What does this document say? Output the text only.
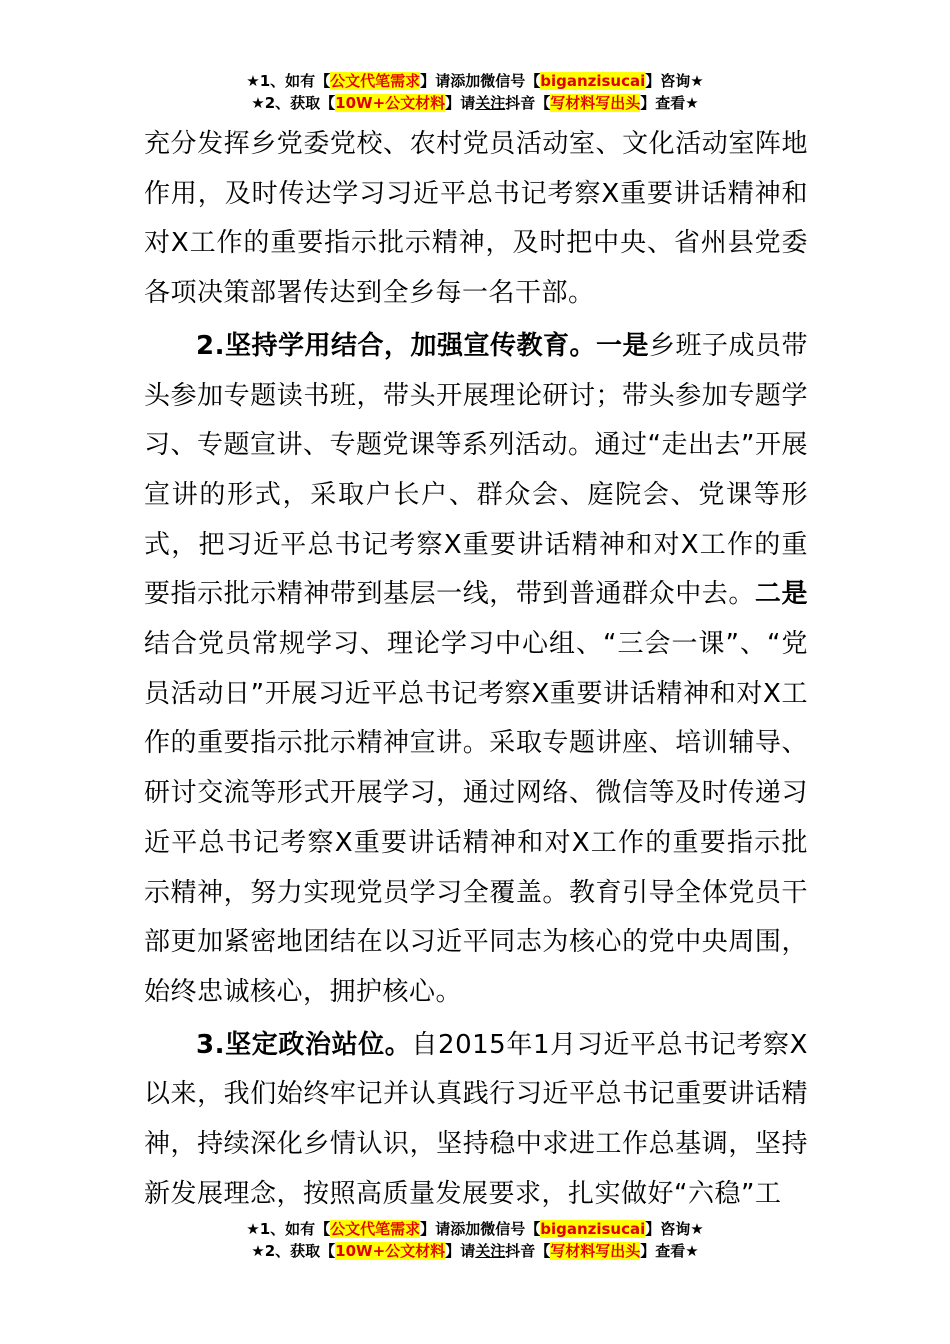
★1、如有【公文代笔需求】请添加微信号【biganzisucai】咨询★
★2、获取【10W+公文材料】请关注抖音【写材料写出头】查看★

充分发挥乡党委党校、农村党员活动室、文化活动室阵地作用，及时传达学习习近平总书记考察X重要讲话精神和对X工作的重要指示批示精神，及时把中央、省州县党委各项决策部署传达到全乡每一名干部。

2.坚持学用结合，加强宣传教育。一是乡班子成员带头参加专题读书班，带头开展理论研讨；带头参加专题学习、专题宣讲、专题党课等系列活动。通过“走出去”开展宣讲的形式，采取户长户、群众会、庭院会、党课等形式，把习近平总书记考察X重要讲话精神和对X工作的重要指示批示精神带到基层一线，带到普通群众中去。二是结合党员常规学习、理论学习中心组、“三会一课”、“党员活动日”开展习近平总书记考察X重要讲话精神和对X工作的重要指示批示精神宣讲。采取专题讲座、培训辅导、研讨交流等形式开展学习，通过网络、微信等及时传递习近平总书记考察X重要讲话精神和对X工作的重要指示批示精神，努力实现党员学习全覆盖。教育引导全体党员干部更加紧密地团结在以习近平同志为核心的党中央周围，始终忠诚核心，拥护核心。

3.坚定政治站位。自2015年1月习近平总书记考察X以来，我们始终牢记并认真践行习近平总书记重要讲话精神，持续深化乡情认识，坚持稳中求进工作总基调，坚持新发展理念，按照高质量发展要求，扎实做好“六稳”工

★1、如有【公文代笔需求】请添加微信号【biganzisucai】咨询★
★2、获取【10W+公文材料】请关注抖音【写材料写出头】查看★
